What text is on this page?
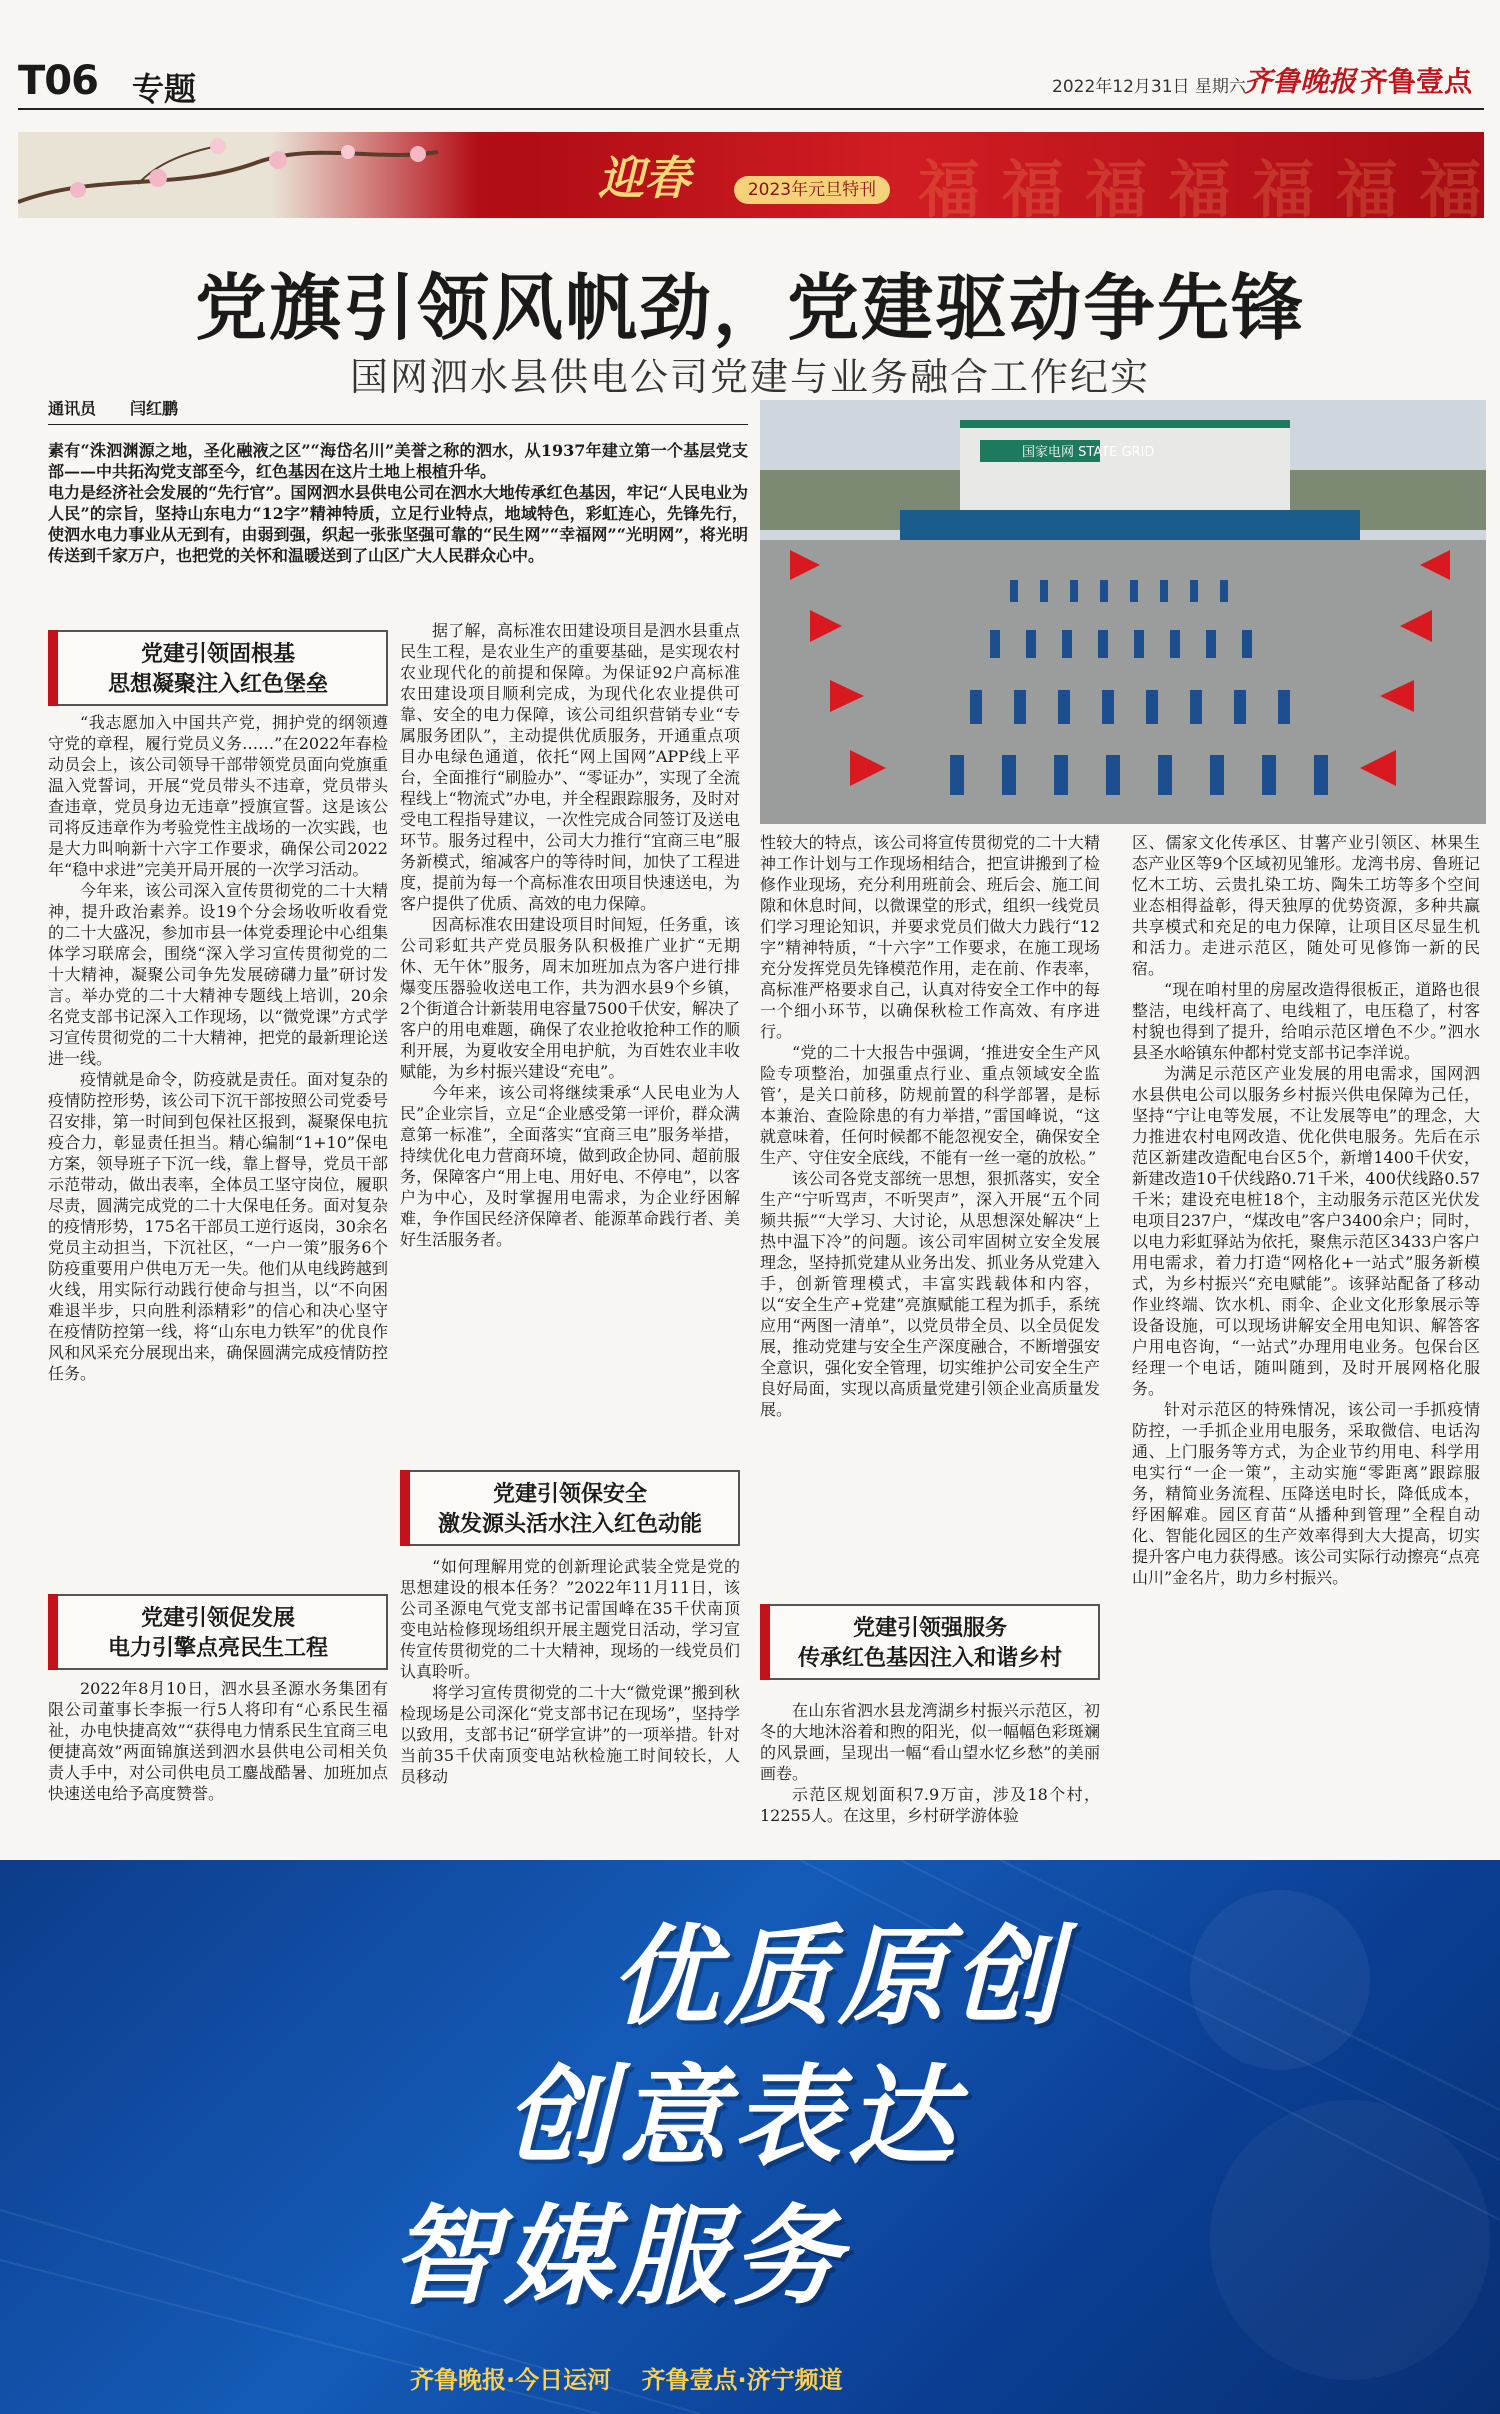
T06 专题	2022年12月31日 星期六
齐鲁晚报 齐鲁壹点
福 福 福 福 福 福 福
迎春	2023年元旦特刊
党旗引领风帆劲，党建驱动争先锋
国网泗水县供电公司党建与业务融合工作纪实
通讯员 闫红鹏
素有“洙泗渊源之地，圣化融液之区”“海岱名川”美誉之称的泗水，从1937年建立第一个基层党支部——中共拓沟党支部至今，红色基因在这片土地上根植升华。
电力是经济社会发展的“先行官”。国网泗水县供电公司在泗水大地传承红色基因，牢记“人民电业为人民”的宗旨，坚持山东电力“12字”精神特质，立足行业特点，地域特色，彩虹连心，先锋先行，使泗水电力事业从无到有，由弱到强，织起一张张坚强可靠的“民生网”“幸福网”“光明网”，将光明传送到千家万户，也把党的关怀和温暖送到了山区广大人民群众心中。
国家电网 STATE GRID
党建引领固根基
思想凝聚注入红色堡垒

“我志愿加入中国共产党，拥护党的纲领遵守党的章程，履行党员义务……”在2022年春检动员会上，该公司领导干部带领党员面向党旗重温入党誓词，开展“党员带头不违章，党员带头查违章，党员身边无违章”授旗宣誓。这是该公司将反违章作为考验党性主战场的一次实践，也是大力叫响新十六字工作要求，确保公司2022年“稳中求进”完美开局开展的一次学习活动。

今年来，该公司深入宣传贯彻党的二十大精神，提升政治素养。设19个分会场收听收看党的二十大盛况，参加市县一体党委理论中心组集体学习联席会，围绕“深入学习宣传贯彻党的二十大精神，凝聚公司争先发展磅礴力量”研讨发言。举办党的二十大精神专题线上培训，20余名党支部书记深入工作现场，以“微党课”方式学习宣传贯彻党的二十大精神，把党的最新理论送进一线。

疫情就是命令，防疫就是责任。面对复杂的疫情防控形势，该公司下沉干部按照公司党委号召安排，第一时间到包保社区报到，凝聚保电抗疫合力，彰显责任担当。精心编制“1+10”保电方案，领导班子下沉一线，靠上督导，党员干部示范带动，做出表率，全体员工坚守岗位，履职尽责，圆满完成党的二十大保电任务。面对复杂的疫情形势，175名干部员工逆行返岗，30余名党员主动担当，下沉社区，“一户一策”服务6个防疫重要用户供电万无一失。他们从电线跨越到火线，用实际行动践行使命与担当，以“不向困难退半步，只向胜利添精彩”的信心和决心坚守在疫情防控第一线，将“山东电力铁军”的优良作风和风采充分展现出来，确保圆满完成疫情防控任务。

党建引领促发展
电力引擎点亮民生工程

2022年8月10日，泗水县圣源水务集团有限公司董事长李振一行5人将印有“心系民生福祉，办电快捷高效”“获得电力情系民生宜商三电便捷高效”两面锦旗送到泗水县供电公司相关负责人手中，对公司供电员工鏖战酷暑、加班加点快速送电给予高度赞誉。

据了解，高标准农田建设项目是泗水县重点民生工程，是农业生产的重要基础，是实现农村农业现代化的前提和保障。为保证92户高标准农田建设项目顺利完成，为现代化农业提供可靠、安全的电力保障，该公司组织营销专业“专属服务团队”，主动提供优质服务，开通重点项目办电绿色通道，依托“网上国网”APP线上平台，全面推行“刷脸办”、“零证办”，实现了全流程线上“物流式”办电，并全程跟踪服务，及时对受电工程指导建议，一次性完成合同签订及送电环节。服务过程中，公司大力推行“宜商三电”服务新模式，缩减客户的等待时间，加快了工程进度，提前为每一个高标准农田项目快速送电，为客户提供了优质、高效的电力保障。

因高标准农田建设项目时间短，任务重，该公司彩虹共产党员服务队积极推广业扩“无期休、无午休”服务，周末加班加点为客户进行排爆变压器验收送电工作，共为泗水县9个乡镇，2个街道合计新装用电容量7500千伏安，解决了客户的用电难题，确保了农业抢收抢种工作的顺利开展，为夏收安全用电护航，为百姓农业丰收赋能，为乡村振兴建设“充电”。

今年来，该公司将继续秉承“人民电业为人民”企业宗旨，立足“企业感受第一评价，群众满意第一标准”，全面落实“宜商三电”服务举措，持续优化电力营商环境，做到政企协同、超前服务，保障客户“用上电、用好电、不停电”，以客户为中心，及时掌握用电需求，为企业纾困解难，争作国民经济保障者、能源革命践行者、美好生活服务者。

党建引领保安全
激发源头活水注入红色动能

“如何理解用党的创新理论武装全党是党的思想建设的根本任务？”2022年11月11日，该公司圣源电气党支部书记雷国峰在35千伏南顶变电站检修现场组织开展主题党日活动，学习宣传宣传贯彻党的二十大精神，现场的一线党员们认真聆听。

将学习宣传贯彻党的二十大“微党课”搬到秋检现场是公司深化“党支部书记在现场”，坚持学以致用，支部书记“研学宣讲”的一项举措。针对当前35千伏南顶变电站秋检施工时间较长，人员移动

性较大的特点，该公司将宣传贯彻党的二十大精神工作计划与工作现场相结合，把宣讲搬到了检修作业现场，充分利用班前会、班后会、施工间隙和休息时间，以微课堂的形式，组织一线党员们学习理论知识，并要求党员们做大力践行“12字”精神特质，“十六字”工作要求，在施工现场充分发挥党员先锋模范作用，走在前、作表率，高标准严格要求自己，认真对待安全工作中的每一个细小环节，以确保秋检工作高效、有序进行。

“党的二十大报告中强调，‘推进安全生产风险专项整治，加强重点行业、重点领域安全监管’，是关口前移，防规前置的科学部署，是标本兼治、查险除患的有力举措，”雷国峰说，“这就意味着，任何时候都不能忽视安全，确保安全生产、守住安全底线，不能有一丝一毫的放松。”

该公司各党支部统一思想，狠抓落实，安全生产“宁听骂声，不听哭声”，深入开展“五个同频共振”“大学习、大讨论，从思想深处解决“上热中温下冷”的问题。该公司牢固树立安全发展理念，坚持抓党建从业务出发、抓业务从党建入手，创新管理模式，丰富实践载体和内容，以“安全生产+党建”亮旗赋能工程为抓手，系统应用“两图一清单”，以党员带全员、以全员促发展，推动党建与安全生产深度融合，不断增强安全意识，强化安全管理，切实维护公司安全生产良好局面，实现以高质量党建引领企业高质量发展。

党建引领强服务
传承红色基因注入和谐乡村

在山东省泗水县龙湾湖乡村振兴示范区，初冬的大地沐浴着和煦的阳光，似一幅幅色彩斑斓的风景画，呈现出一幅“看山望水忆乡愁”的美丽画卷。

示范区规划面积7.9万亩，涉及18个村，12255人。在这里，乡村研学游体验

区、儒家文化传承区、甘薯产业引领区、林果生态产业区等9个区域初见雏形。龙湾书房、鲁班记忆木工坊、云贵扎染工坊、陶朱工坊等多个空间业态相得益彰，得天独厚的优势资源，多种共赢共享模式和充足的电力保障，让项目区尽显生机和活力。走进示范区，随处可见修饰一新的民宿。

“现在咱村里的房屋改造得很板正，道路也很整洁，电线杆高了、电线粗了，电压稳了，村客村貌也得到了提升，给咱示范区增色不少。”泗水县圣水峪镇东仲都村党支部书记李洋说。

为满足示范区产业发展的用电需求，国网泗水县供电公司以服务乡村振兴供电保障为己任，坚持“宁让电等发展，不让发展等电”的理念，大力推进农村电网改造、优化供电服务。先后在示范区新建改造配电台区5个，新增1400千伏安，新建改造10千伏线路0.71千米，400伏线路0.57千米；建设充电桩18个，主动服务示范区光伏发电项目237户，“煤改电”客户3400余户；同时，以电力彩虹驿站为依托，聚焦示范区3433户客户用电需求，着力打造“网格化+一站式”服务新模式，为乡村振兴“充电赋能”。该驿站配备了移动作业终端、饮水机、雨伞、企业文化形象展示等设备设施，可以现场讲解安全用电知识、解答客户用电咨询，“一站式”办理用电业务。包保台区经理一个电话，随叫随到，及时开展网格化服务。

针对示范区的特殊情况，该公司一手抓疫情防控，一手抓企业用电服务，采取微信、电话沟通、上门服务等方式，为企业节约用电、科学用电实行“一企一策”，主动实施“零距离”跟踪服务，精简业务流程、压降送电时长，降低成本，纾困解难。园区育苗“从播种到管理”全程自动化、智能化园区的生产效率得到大大提高，切实提升客户电力获得感。该公司实际行动擦亮“点亮山川”金名片，助力乡村振兴。

优质原创
创意表达
智媒服务
齐鲁晚报·今日运河 齐鲁壹点·济宁频道
